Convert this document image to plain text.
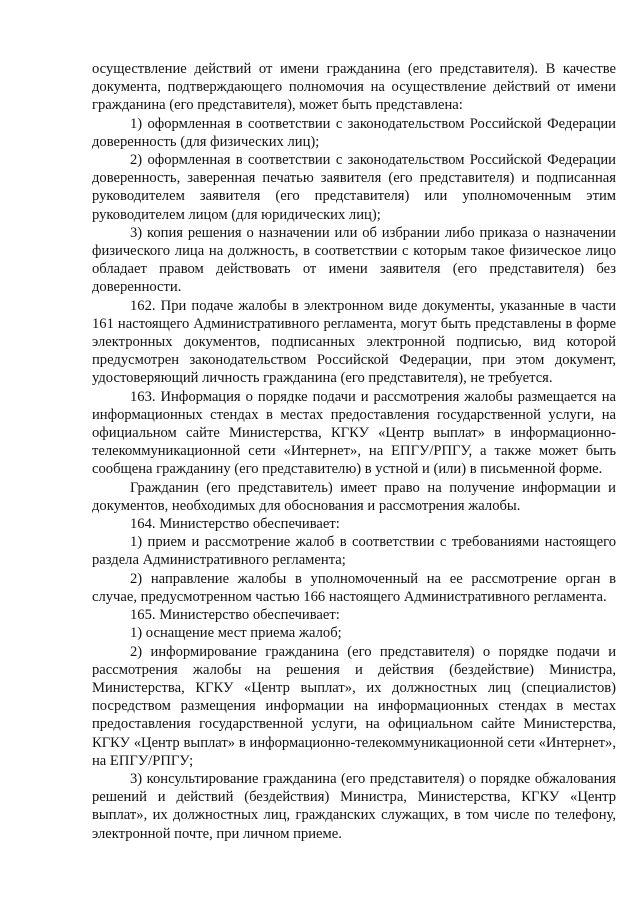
осуществление действий от имени гражданина (его представителя). В качестве документа, подтверждающего полномочия на осуществление действий от имени гражданина (его представителя), может быть представлена:

1) оформленная в соответствии с законодательством Российской Федерации доверенность (для физических лиц);

2) оформленная в соответствии с законодательством Российской Федерации доверенность, заверенная печатью заявителя (его представителя) и подписанная руководителем заявителя (его представителя) или уполномоченным этим руководителем лицом (для юридических лиц);

3) копия решения о назначении или об избрании либо приказа о назначении физического лица на должность, в соответствии с которым такое физическое лицо обладает правом действовать от имени заявителя (его представителя) без доверенности.

162. При подаче жалобы в электронном виде документы, указанные в части 161 настоящего Административного регламента, могут быть представлены в форме электронных документов, подписанных электронной подписью, вид которой предусмотрен законодательством Российской Федерации, при этом документ, удостоверяющий личность гражданина (его представителя), не требуется.

163. Информация о порядке подачи и рассмотрения жалобы размещается на информационных стендах в местах предоставления государственной услуги, на официальном сайте Министерства, КГКУ «Центр выплат» в информационно-телекоммуникационной сети «Интернет», на ЕПГУ/РПГУ, а также может быть сообщена гражданину (его представителю) в устной и (или) в письменной форме.

Гражданин (его представитель) имеет право на получение информации и документов, необходимых для обоснования и рассмотрения жалобы.

164. Министерство обеспечивает:

1) прием и рассмотрение жалоб в соответствии с требованиями настоящего раздела Административного регламента;

2) направление жалобы в уполномоченный на ее рассмотрение орган в случае, предусмотренном частью 166 настоящего Административного регламента.

165. Министерство обеспечивает:

1) оснащение мест приема жалоб;

2) информирование гражданина (его представителя) о порядке подачи и рассмотрения жалобы на решения и действия (бездействие) Министра, Министерства, КГКУ «Центр выплат», их должностных лиц (специалистов) посредством размещения информации на информационных стендах в местах предоставления государственной услуги, на официальном сайте Министерства, КГКУ «Центр выплат» в информационно-телекоммуникационной сети «Интернет», на ЕПГУ/РПГУ;

3) консультирование гражданина (его представителя) о порядке обжалования решений и действий (бездействия) Министра, Министерства, КГКУ «Центр выплат», их должностных лиц, гражданских служащих, в том числе по телефону, электронной почте, при личном приеме.
